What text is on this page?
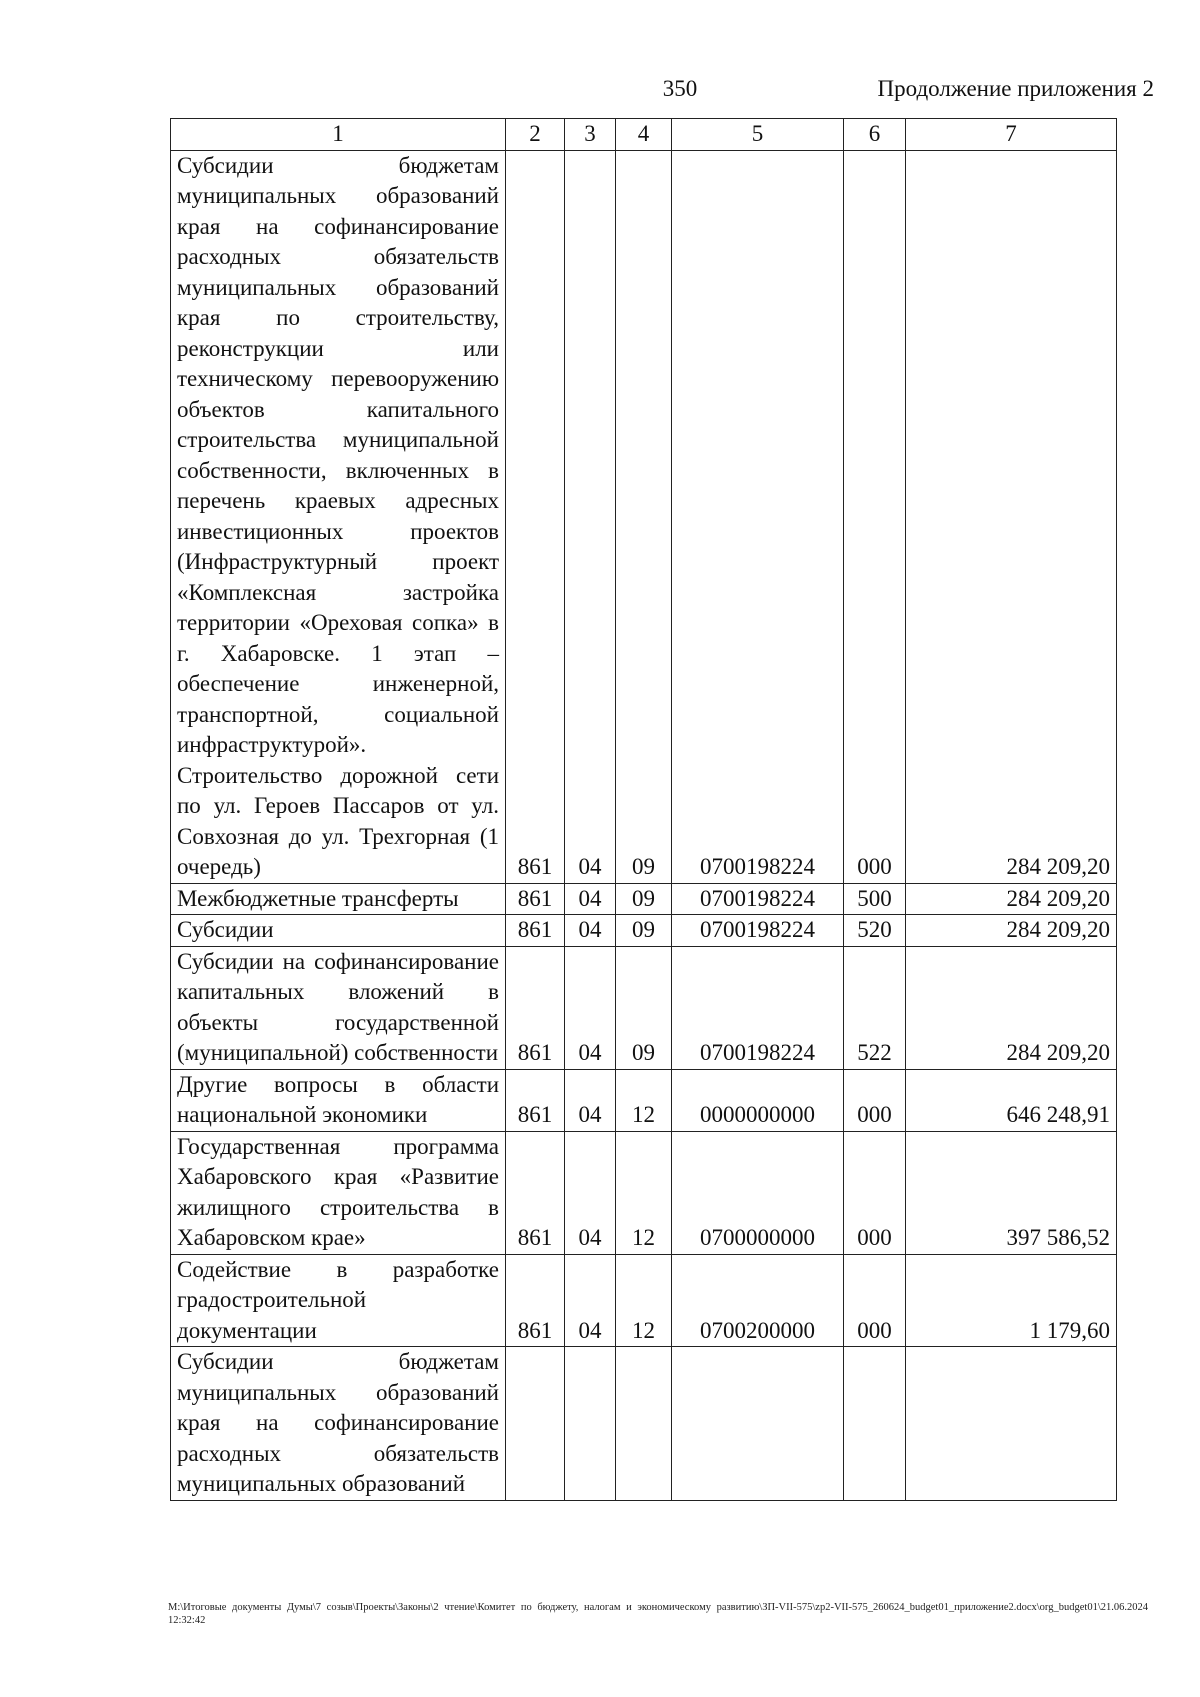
350	Продолжение приложения 2
1	2	3	4	5	6	7
Субсидии бюджетам муниципальных образований края на софинансирование расходных обязательств муниципальных образований края по строительству, реконструкции или техническому перевооружению объектов капитального строительства муниципальной собственности, включенных в перечень краевых адресных инвестиционных проектов (Инфраструктурный проект «Комплексная застройка территории «Ореховая сопка» в г. Хабаровске. 1 этап – обеспечение инженерной, транспортной, социальной инфраструктурой». Строительство дорожной сети по ул. Героев Пассаров от ул. Совхозная до ул. Трехгорная (1 очередь)	861	04	09	0700198224	000	284 209,20
Межбюджетные трансферты	861	04	09	0700198224	500	284 209,20
Субсидии	861	04	09	0700198224	520	284 209,20
Субсидии на софинансирование капитальных вложений в объекты государственной (муниципальной) собственности	861	04	09	0700198224	522	284 209,20
Другие вопросы в области национальной экономики	861	04	12	0000000000	000	646 248,91
Государственная программа Хабаровского края «Развитие жилищного строительства в Хабаровском крае»	861	04	12	0700000000	000	397 586,52
Содействие в разработке градостроительной документации	861	04	12	0700200000	000	1 179,60
Субсидии бюджетам муниципальных образований края на софинансирование расходных обязательств муниципальных образований						
M:\Итоговые документы Думы\7 созыв\Проекты\Законы\2 чтение\Комитет по бюджету, налогам и экономическому развитию\ЗП-VII-575\zp2-VII-575_260624_budget01_приложение2.docx\org_budget01\21.06.2024 12:32:42
